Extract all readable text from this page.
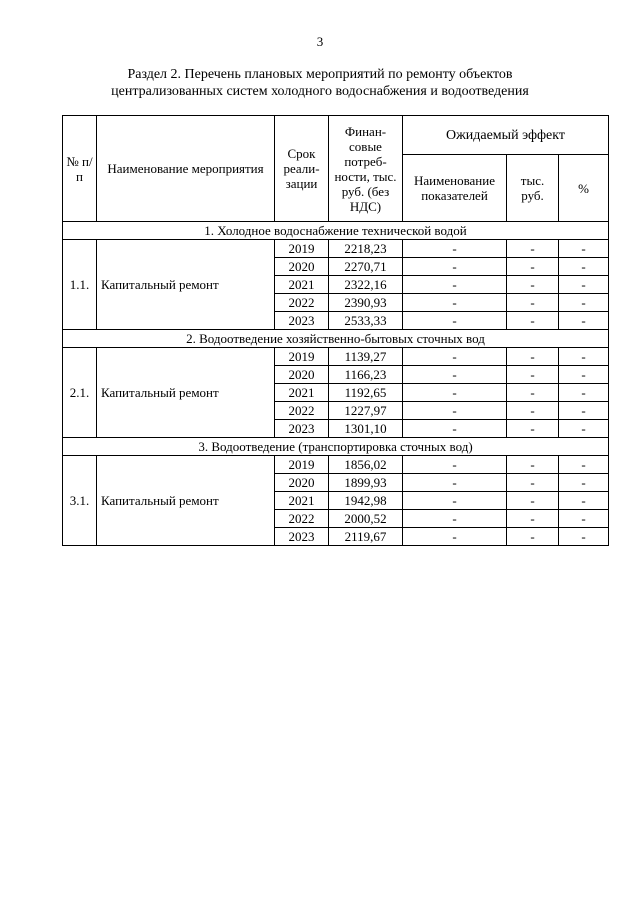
3
Раздел 2. Перечень плановых мероприятий по ремонту объектов
централизованных систем холодного водоснабжения и водоотведения
№ п/п	Наименование мероприятия	Срок реали-зации	Финан-совые потреб-ности, тыс. руб. (без НДС)	Ожидаемый эффект		
				Наименование показателей	тыс. руб.	%
1. Холодное водоснабжение технической водой						
1.1.	Капитальный ремонт	2019	2218,23	-	-	-
		2020	2270,71	-	-	-
		2021	2322,16	-	-	-
		2022	2390,93	-	-	-
		2023	2533,33	-	-	-
2. Водоотведение хозяйственно-бытовых сточных вод						
2.1.	Капитальный ремонт	2019	1139,27	-	-	-
		2020	1166,23	-	-	-
		2021	1192,65	-	-	-
		2022	1227,97	-	-	-
		2023	1301,10	-	-	-
3. Водоотведение (транспортировка сточных вод)						
3.1.	Капитальный ремонт	2019	1856,02	-	-	-
		2020	1899,93	-	-	-
		2021	1942,98	-	-	-
		2022	2000,52	-	-	-
		2023	2119,67	-	-	-
